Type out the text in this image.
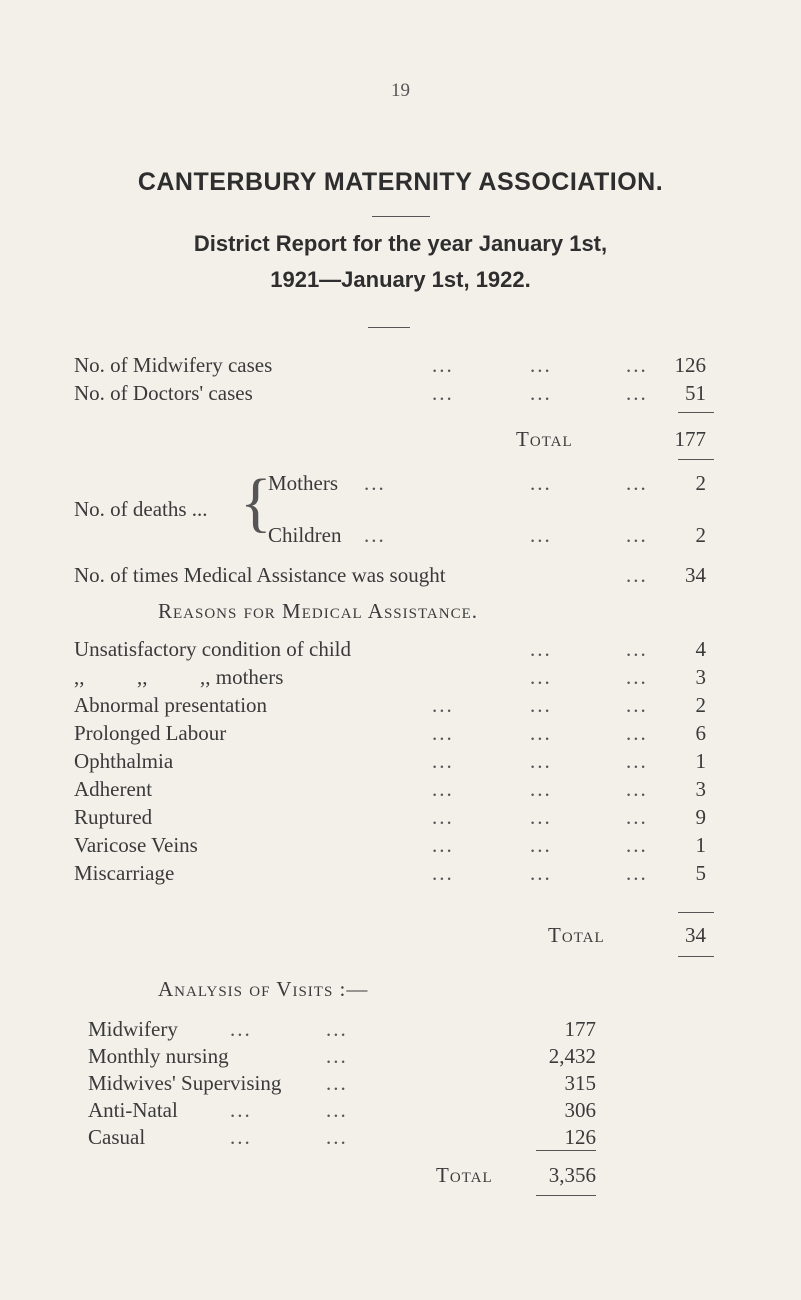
19
CANTERBURY MATERNITY ASSOCIATION.
District Report for the year January 1st,
1921—January 1st, 1922.
No. of Midwifery cases	...	...	... 126
No. of Doctors' cases	...	...	... 51
Total	177
No. of deaths ... {
Mothers ...	...	... 2
Children ...	...	... 2
No. of times Medical Assistance was sought	... 34
Reasons for Medical Assistance.
Unsatisfactory condition of child	...	... 4
,,          ,,          ,, mothers	...	... 3
Abnormal presentation	...	...	... 2
Prolonged Labour	...	...	... 6
Ophthalmia	...	...	... 1
Adherent	...	...	... 3
Ruptured	...	...	... 9
Varicose Veins	...	...	... 1
Miscarriage	...	...	... 5
Total	34
Analysis of Visits :—
Midwifery ...	...	177
Monthly nursing	...	2,432
Midwives' Supervising ...	315
Anti-Natal ...	...	306
Casual	...	...	126
Total	3,356
